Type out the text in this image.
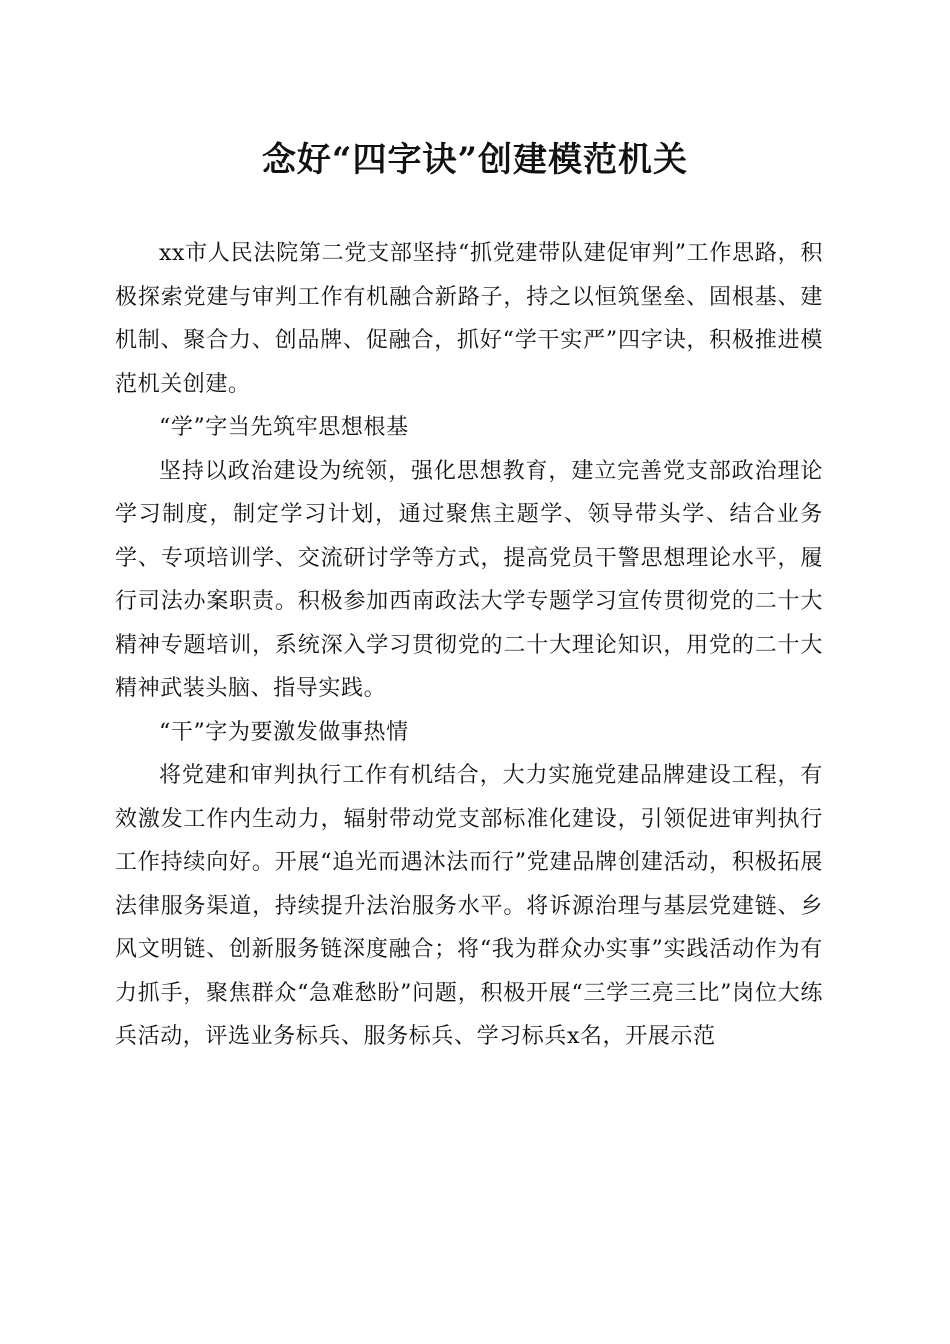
念好“四字诀”创建模范机关

xx市人民法院第二党支部坚持“抓党建带队建促审判”工作思路，积极探索党建与审判工作有机融合新路子，持之以恒筑堡垒、固根基、建机制、聚合力、创品牌、促融合，抓好“学干实严”四字诀，积极推进模范机关创建。

“学”字当先筑牢思想根基

坚持以政治建设为统领，强化思想教育，建立完善党支部政治理论学习制度，制定学习计划，通过聚焦主题学、领导带头学、结合业务学、专项培训学、交流研讨学等方式，提高党员干警思想理论水平，履行司法办案职责。积极参加西南政法大学专题学习宣传贯彻党的二十大精神专题培训，系统深入学习贯彻党的二十大理论知识，用党的二十大精神武装头脑、指导实践。

“干”字为要激发做事热情

将党建和审判执行工作有机结合，大力实施党建品牌建设工程，有效激发工作内生动力，辐射带动党支部标准化建设，引领促进审判执行工作持续向好。开展“追光而遇沐法而行”党建品牌创建活动，积极拓展法律服务渠道，持续提升法治服务水平。将诉源治理与基层党建链、乡风文明链、创新服务链深度融合；将“我为群众办实事”实践活动作为有力抓手，聚焦群众“急难愁盼”问题，积极开展“三学三亮三比”岗位大练兵活动，评选业务标兵、服务标兵、学习标兵x名，开展示范
